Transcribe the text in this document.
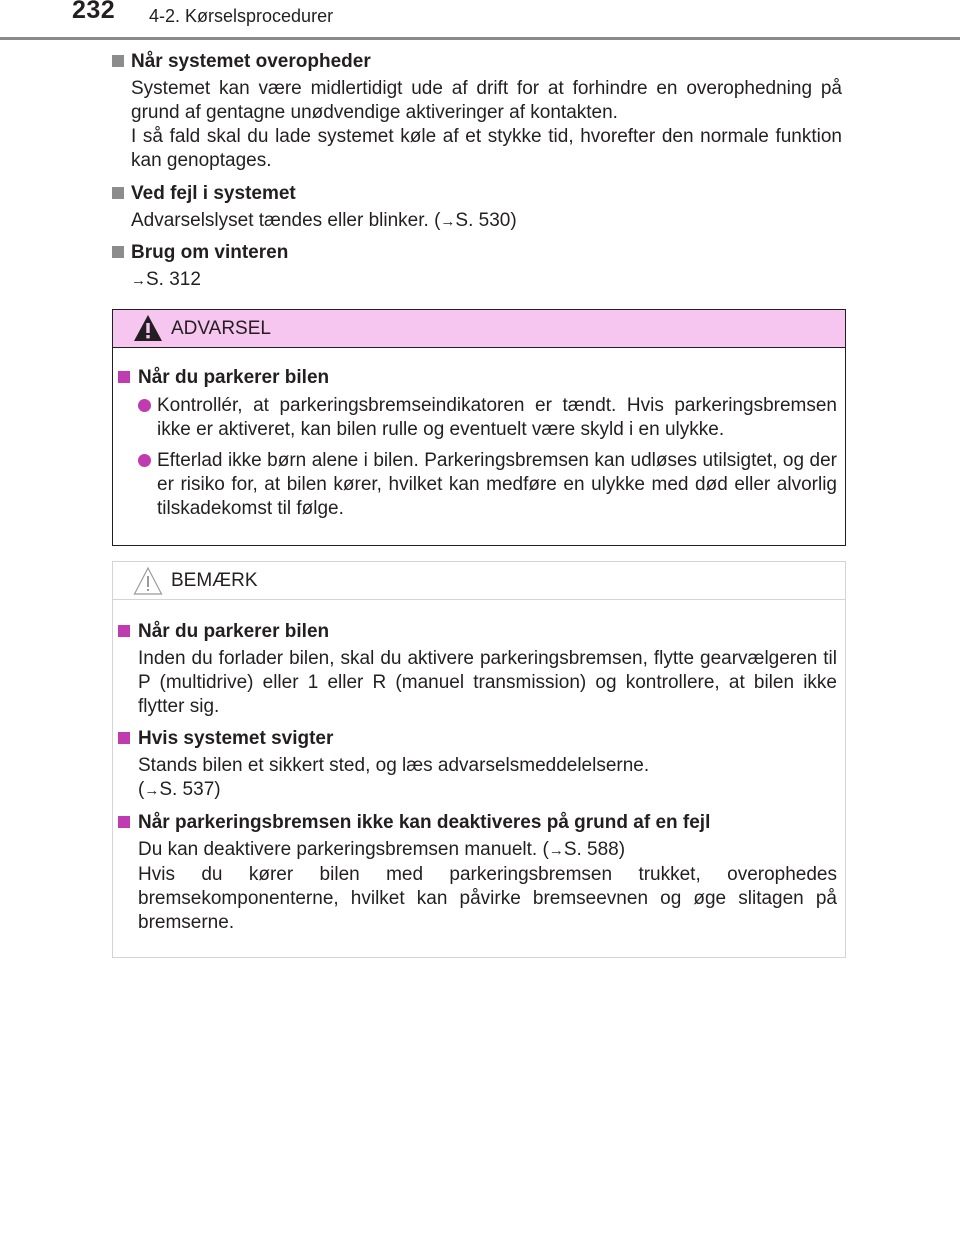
232 4-2. Kørselsprocedurer
Når systemet overopheder
Systemet kan være midlertidigt ude af drift for at forhindre en overophedning på grund af gentagne unødvendige aktiveringer af kontakten.
I så fald skal du lade systemet køle af et stykke tid, hvorefter den normale funktion kan genoptages.
Ved fejl i systemet
Advarselslyset tændes eller blinker. (→S. 530)
Brug om vinteren
→S. 312
ADVARSEL
Når du parkerer bilen
Kontrollér, at parkeringsbremseindikatoren er tændt. Hvis parkeringsbremsen ikke er aktiveret, kan bilen rulle og eventuelt være skyld i en ulykke.
Efterlad ikke børn alene i bilen. Parkeringsbremsen kan udløses utilsigtet, og der er risiko for, at bilen kører, hvilket kan medføre en ulykke med død eller alvorlig tilskadekomst til følge.
BEMÆRK
Når du parkerer bilen
Inden du forlader bilen, skal du aktivere parkeringsbremsen, flytte gearvælgeren til P (multidrive) eller 1 eller R (manuel transmission) og kontrollere, at bilen ikke flytter sig.
Hvis systemet svigter
Stands bilen et sikkert sted, og læs advarselsmeddelelserne.
(→S. 537)
Når parkeringsbremsen ikke kan deaktiveres på grund af en fejl
Du kan deaktivere parkeringsbremsen manuelt. (→S. 588)
Hvis du kører bilen med parkeringsbremsen trukket, overophedes bremsekomponenterne, hvilket kan påvirke bremseevnen og øge slitagen på bremserne.
